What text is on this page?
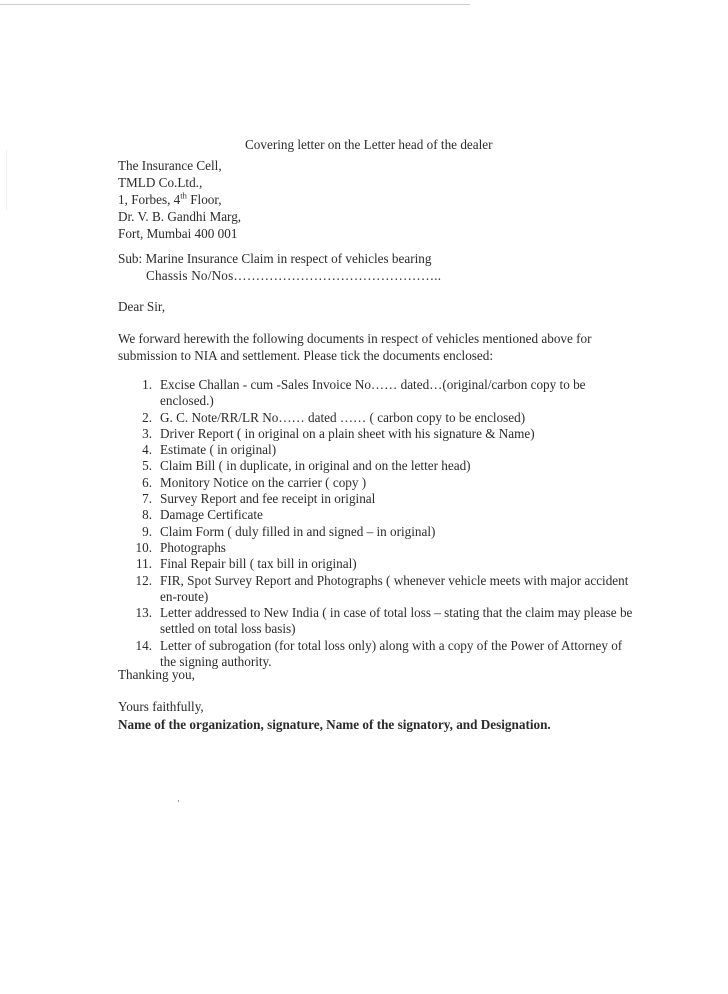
Covering letter on the Letter head of the dealer
The Insurance Cell,
TMLD Co.Ltd.,
1, Forbes, 4th Floor,
Dr. V. B. Gandhi Marg,
Fort, Mumbai 400 001
Sub: Marine Insurance Claim in respect of vehicles bearing
Chassis No/Nos………………………………………..
Dear Sir,
We forward herewith the following documents in respect of vehicles mentioned above for submission to NIA and settlement. Please tick the documents enclosed:
1. Excise Challan - cum -Sales Invoice No…… dated…(original/carbon copy to be enclosed.)
2. G. C. Note/RR/LR No…… dated …… ( carbon copy to be enclosed)
3. Driver Report ( in original on a plain sheet with his signature & Name)
4. Estimate ( in original)
5. Claim Bill ( in duplicate, in original and on the letter head)
6. Monitory Notice on the carrier ( copy )
7. Survey Report and fee receipt in original
8. Damage Certificate
9. Claim Form ( duly filled in and signed – in original)
10. Photographs
11. Final Repair bill ( tax bill in original)
12. FIR, Spot Survey Report and Photographs ( whenever vehicle meets with major accident en-route)
13. Letter addressed to New India ( in case of total loss – stating that the claim may please be settled on total loss basis)
14. Letter of subrogation (for total loss only) along with a copy of the Power of Attorney of the signing authority.
Thanking you,
Yours faithfully,
Name of the organization, signature, Name of the signatory, and Designation.
